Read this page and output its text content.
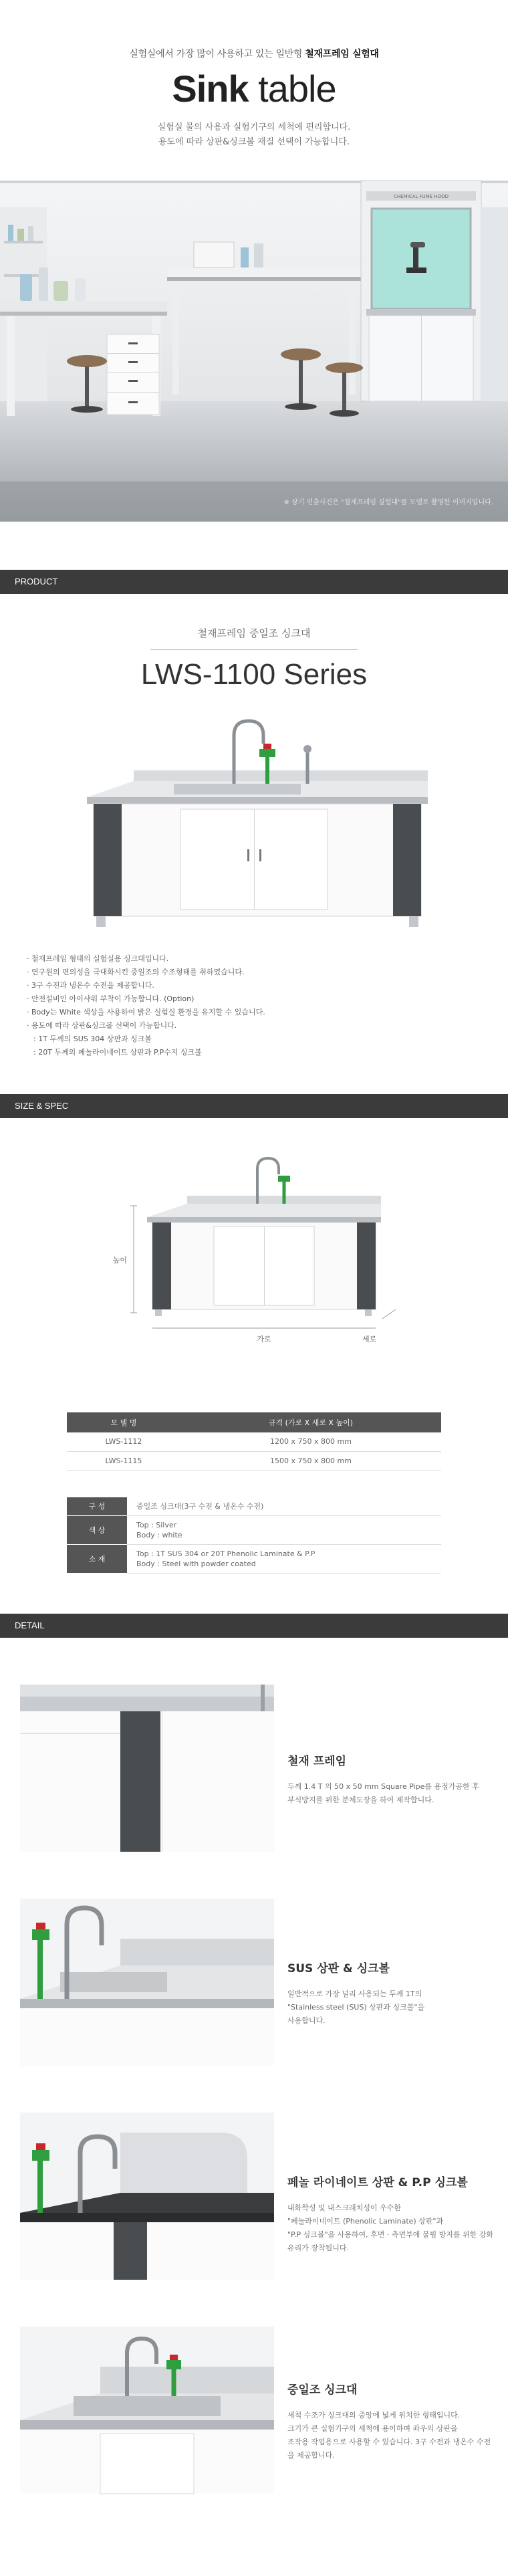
실험실에서 가장 많이 사용하고 있는 일반형 철재프레임 실험대
Sink table
실험실 물의 사용과 실험기구의 세척에 편리합니다.
용도에 따라 상판&싱크볼 재질 선택이 가능합니다.
CHEMICAL FUME HOOD
※ 상기 연출사진은 "철재프레임 실험대"를 모델로 촬영한 이미지입니다.
PRODUCT
철재프레임 중일조 싱크대
LWS-1100 Series
· 철재프레임 형태의 실험실용 싱크대입니다.
· 연구원의 편의성을 극대화시킨 중일조의 수조형태를 취하였습니다.
· 3구 수전과 냉온수 수전을 제공합니다.
· 안전설비인 아이샤워 부착이 가능합니다. (Option)
· Body는 White 색상을 사용하여 밝은 실험실 환경을 유지할 수 있습니다.
· 용도에 따라 상판&싱크볼 선택이 가능합니다.
: 1T 두께의 SUS 304 상판과 싱크볼
: 20T 두께의 페놀라이네이트 상판과 P.P수지 싱크볼
SIZE & SPEC
높이
가로	세로
모 델 명	규격 (가로 X 세로 X 높이)
LWS-1112	1200 x 750 x 800 mm
LWS-1115	1500 x 750 x 800 mm
구 성	중일조 싱크대(3구 수전 & 냉온수 수전)
색 상	Top : Silver
Body : white

소 재	Top : 1T SUS 304 or 20T Phenolic Laminate & P.P
Body : Steel with powder coated
DETAIL
철재 프레임
두께 1.4 T 의 50 x 50 mm Square Pipe를 용접가공한 후
부식방지를 위한 분체도장을 하여 제작합니다.
SUS 상판 & 싱크볼
일반적으로 가장 널리 사용되는 두께 1T의
"Stainless steel (SUS) 상판과 싱크볼"을
사용합니다.
페놀 라이네이트 상판 & P.P 싱크볼
내화학성 및 내스크래치성이 우수한
"페놀라이네이트 (Phenolic Laminate) 상판"과
"P.P 싱크볼"을 사용하여, 후면 · 측면부에 물튐 방지를 위한 강화유리가 장착됩니다.
중일조 싱크대
세척 수조가 싱크대의 중앙에 넓게 위치한 형태입니다.
크기가 큰 실험기구의 세척에 용이하며 좌우의 상판을
조작용 작업용으로 사용할 수 있습니다. 3구 수전과 냉온수 수전을 제공합니다.
